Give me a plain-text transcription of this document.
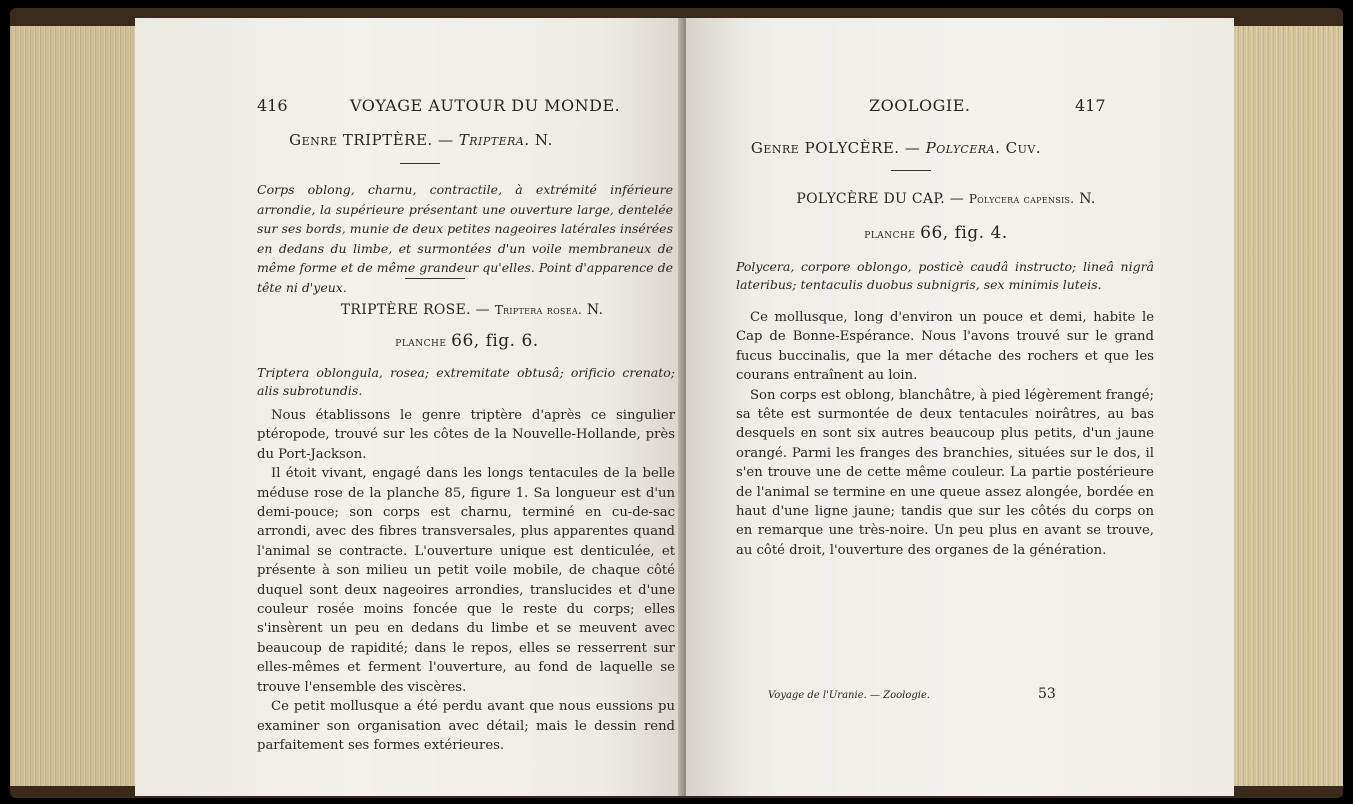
416	VOYAGE AUTOUR DU MONDE.
Genre TRIPTÈRE. — Triptera. N.
Corps oblong, charnu, contractile, à extrémité inférieure arrondie, la supérieure présentant une ouverture large, dentelée sur ses bords, munie de deux petites nageoires latérales insérées en dedans du limbe, et surmontées d'un voile membraneux de même forme et de même grandeur qu'elles. Point d'apparence de tête ni d'yeux.
TRIPTÈRE ROSE. — Triptera rosea. N.
planche 66, fig. 6.
Triptera oblongula, rosea; extremitate obtusâ; orificio crenato; alis subrotundis.

Nous établissons le genre triptère d'après ce singulier ptéropode, trouvé sur les côtes de la Nouvelle-Hollande, près du Port-Jackson.

Il étoit vivant, engagé dans les longs tentacules de la belle méduse rose de la planche 85, figure 1. Sa longueur est d'un demi-pouce; son corps est charnu, terminé en cu-de-sac arrondi, avec des fibres transversales, plus apparentes quand l'animal se contracte. L'ouverture unique est denticulée, et présente à son milieu un petit voile mobile, de chaque côté duquel sont deux nageoires arrondies, translucides et d'une couleur rosée moins foncée que le reste du corps; elles s'insèrent un peu en dedans du limbe et se meuvent avec beaucoup de rapidité; dans le repos, elles se resserrent sur elles-mêmes et ferment l'ouverture, au fond de laquelle se trouve l'ensemble des viscères.

Ce petit mollusque a été perdu avant que nous eussions pu examiner son organisation avec détail; mais le dessin rend parfaitement ses formes extérieures.

ZOOLOGIE.	417
Genre POLYCÈRE. — Polycera. Cuv.
POLYCÈRE DU CAP. — Polycera capensis. N.
planche 66, fig. 4.
Polycera, corpore oblongo, posticè caudâ instructo; lineâ nigrâ lateribus; tentaculis duobus subnigris, sex minimis luteis.

Ce mollusque, long d'environ un pouce et demi, habite le Cap de Bonne-Espérance. Nous l'avons trouvé sur le grand fucus buccinalis, que la mer détache des rochers et que les courans entraînent au loin.

Son corps est oblong, blanchâtre, à pied légèrement frangé; sa tête est surmontée de deux tentacules noirâtres, au bas desquels en sont six autres beaucoup plus petits, d'un jaune orangé. Parmi les franges des branchies, situées sur le dos, il s'en trouve une de cette même couleur. La partie postérieure de l'animal se termine en une queue assez alongée, bordée en haut d'une ligne jaune; tandis que sur les côtés du corps on en remarque une très-noire. Un peu plus en avant se trouve, au côté droit, l'ouverture des organes de la génération.

Voyage de l'Uranie. — Zoologie.	53
